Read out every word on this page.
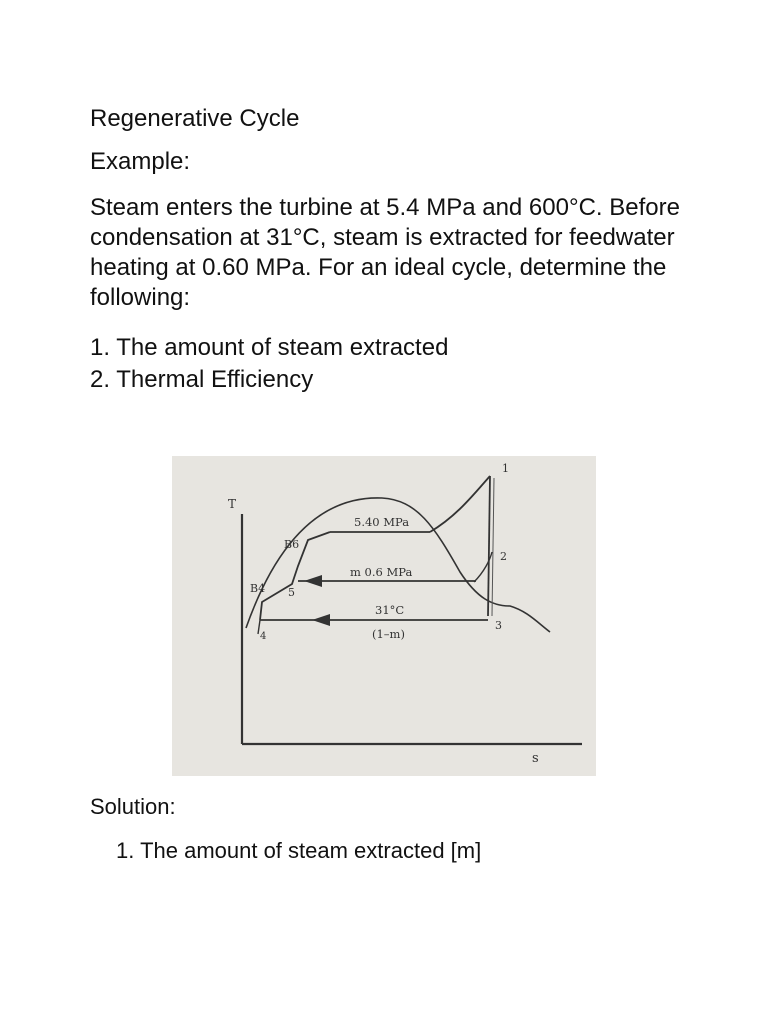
Regenerative Cycle
Example:
Steam enters the turbine at 5.4 MPa and 600°C. Before condensation at 31°C, steam is extracted for feedwater heating at 0.60 MPa. For an ideal cycle, determine the following:
1. The amount of steam extracted
2. Thermal Efficiency
T
s
5.40 MPa
m 0.6 MPa
31°C
(1–m)
1
2
3
4
5
B6
B4
Solution:
1. The amount of steam extracted [m]
